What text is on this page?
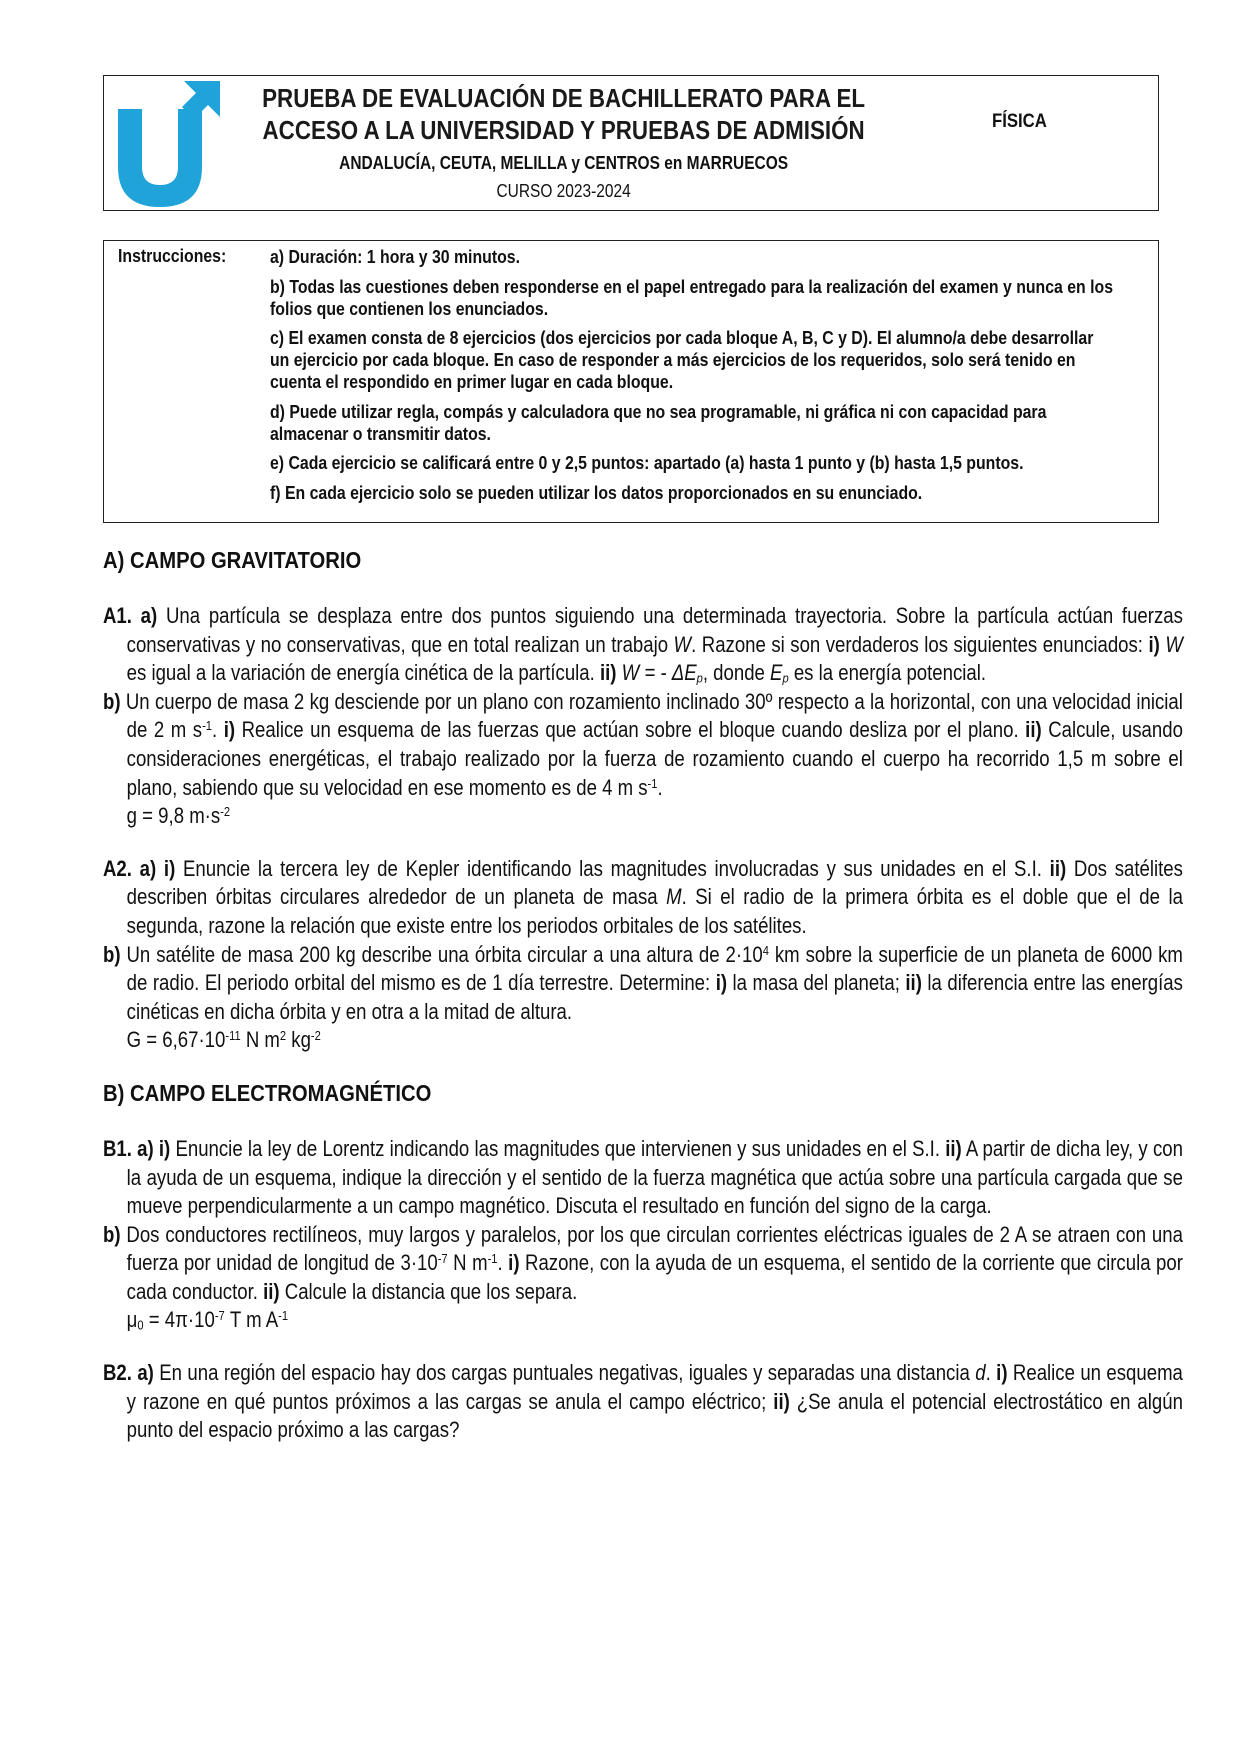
PRUEBA DE EVALUACIÓN DE BACHILLERATO PARA EL
ACCESO A LA UNIVERSIDAD Y PRUEBAS DE ADMISIÓN
ANDALUCÍA, CEUTA, MELILLA y CENTROS en MARRUECOS
CURSO 2023-2024
FÍSICA
Instrucciones: a) Duración: 1 hora y 30 minutos.
b) Todas las cuestiones deben responderse en el papel entregado para la realización del examen y nunca en los folios que contienen los enunciados.
c) El examen consta de 8 ejercicios (dos ejercicios por cada bloque A, B, C y D). El alumno/a debe desarrollar un ejercicio por cada bloque. En caso de responder a más ejercicios de los requeridos, solo será tenido en cuenta el respondido en primer lugar en cada bloque.
d) Puede utilizar regla, compás y calculadora que no sea programable, ni gráfica ni con capacidad para almacenar o transmitir datos.
e) Cada ejercicio se calificará entre 0 y 2,5 puntos: apartado (a) hasta 1 punto y (b) hasta 1,5 puntos.
f) En cada ejercicio solo se pueden utilizar los datos proporcionados en su enunciado.
A) CAMPO GRAVITATORIO
A1. a) Una partícula se desplaza entre dos puntos siguiendo una determinada trayectoria. Sobre la partícula actúan fuerzas conservativas y no conservativas, que en total realizan un trabajo W. Razone si son verdaderos los siguientes enunciados: i) W es igual a la variación de energía cinética de la partícula. ii) W = - $\Delta E_p$, donde $E_p$ es la energía potencial.
b) Un cuerpo de masa 2 kg desciende por un plano con rozamiento inclinado 30º respecto a la horizontal, con una velocidad inicial de 2 m $s^{-1}$. i) Realice un esquema de las fuerzas que actúan sobre el bloque cuando desliza por el plano. ii) Calcule, usando consideraciones energéticas, el trabajo realizado por la fuerza de rozamiento cuando el cuerpo ha recorrido 1,5 m sobre el plano, sabiendo que su velocidad en ese momento es de 4 m $s^{-1}$.
g = 9,8 $m\cdot s^{-2}$
A2. a) i) Enuncie la tercera ley de Kepler identificando las magnitudes involucradas y sus unidades en el S.I. ii) Dos satélites describen órbitas circulares alrededor de un planeta de masa M. Si el radio de la primera órbita es el doble que el de la segunda, razone la relación que existe entre los periodos orbitales de los satélites.
b) Un satélite de masa 200 kg describe una órbita circular a una altura de $2\cdot 10^4$ km sobre la superficie de un planeta de 6000 km de radio. El periodo orbital del mismo es de 1 día terrestre. Determine: i) la masa del planeta; ii) la diferencia entre las energías cinéticas en dicha órbita y en otra a la mitad de altura.
$G = 6,67\cdot 10^{-11}$ N $m^2$ $kg^{-2}$
B) CAMPO ELECTROMAGNÉTICO
B1. a) i) Enuncie la ley de Lorentz indicando las magnitudes que intervienen y sus unidades en el S.I. ii) A partir de dicha ley, y con la ayuda de un esquema, indique la dirección y el sentido de la fuerza magnética que actúa sobre una partícula cargada que se mueve perpendicularmente a un campo magnético. Discuta el resultado en función del signo de la carga.
b) Dos conductores rectilíneos, muy largos y paralelos, por los que circulan corrientes eléctricas iguales de 2 A se atraen con una fuerza por unidad de longitud de $3\cdot 10^{-7}$ N $m^{-1}$. i) Razone, con la ayuda de un esquema, el sentido de la corriente que circula por cada conductor. ii) Calcule la distancia que los separa.
$\mu_0 = 4\pi\cdot 10^{-7}$ T m $A^{-1}$
B2. a) En una región del espacio hay dos cargas puntuales negativas, iguales y separadas una distancia d. i) Realice un esquema y razone en qué puntos próximos a las cargas se anula el campo eléctrico; ii) ¿Se anula el potencial electrostático en algún punto del espacio próximo a las cargas?
